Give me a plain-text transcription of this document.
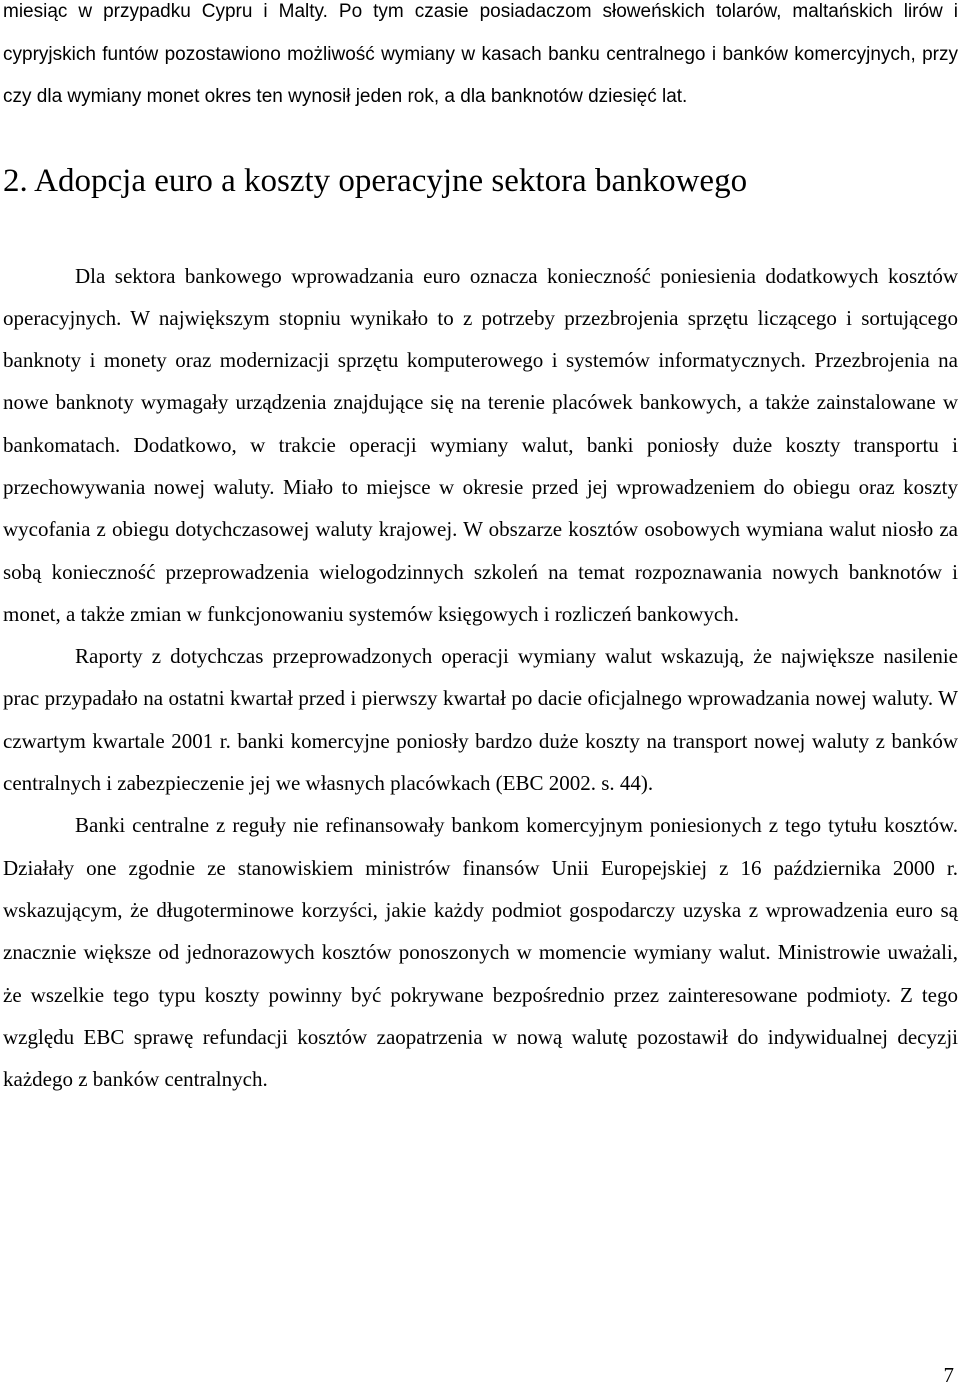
miesiąc w przypadku Cypru i Malty. Po tym czasie posiadaczom słoweńskich tolarów, maltańskich lirów i cypryjskich funtów pozostawiono możliwość wymiany w kasach banku centralnego i banków komercyjnych, przy czy dla wymiany monet okres ten wynosił jeden rok, a dla banknotów dziesięć lat.

2. Adopcja euro a koszty operacyjne sektora bankowego

Dla sektora bankowego wprowadzania euro oznacza konieczność poniesienia dodatkowych kosztów operacyjnych. W największym stopniu wynikało to z potrzeby przezbrojenia sprzętu liczącego i sortującego banknoty i monety oraz modernizacji sprzętu komputerowego i systemów informatycznych. Przezbrojenia na nowe banknoty wymagały urządzenia znajdujące się na terenie placówek bankowych, a także zainstalowane w bankomatach. Dodatkowo, w trakcie operacji wymiany walut, banki poniosły duże koszty transportu i przechowywania nowej waluty. Miało to miejsce w okresie przed jej wprowadzeniem do obiegu oraz koszty wycofania z obiegu dotychczasowej waluty krajowej. W obszarze kosztów osobowych wymiana walut niosło za sobą konieczność przeprowadzenia wielogodzinnych szkoleń na temat rozpoznawania nowych banknotów i monet, a także zmian w funkcjonowaniu systemów księgowych i rozliczeń bankowych.

Raporty z dotychczas przeprowadzonych operacji wymiany walut wskazują, że największe nasilenie prac przypadało na ostatni kwartał przed i pierwszy kwartał po dacie oficjalnego wprowadzania nowej waluty. W czwartym kwartale 2001 r. banki komercyjne poniosły bardzo duże koszty na transport nowej waluty z banków centralnych i zabezpieczenie jej we własnych placówkach (EBC 2002. s. 44).

Banki centralne z reguły nie refinansowały bankom komercyjnym poniesionych z tego tytułu kosztów. Działały one zgodnie ze stanowiskiem ministrów finansów Unii Europejskiej z 16 października 2000 r. wskazującym, że długoterminowe korzyści, jakie każdy podmiot gospodarczy uzyska z wprowadzenia euro są znacznie większe od jednorazowych kosztów ponoszonych w momencie wymiany walut. Ministrowie uważali, że wszelkie tego typu koszty powinny być pokrywane bezpośrednio przez zainteresowane podmioty. Z tego względu EBC sprawę refundacji kosztów zaopatrzenia w nową walutę pozostawił do indywidualnej decyzji każdego z banków centralnych.

7
